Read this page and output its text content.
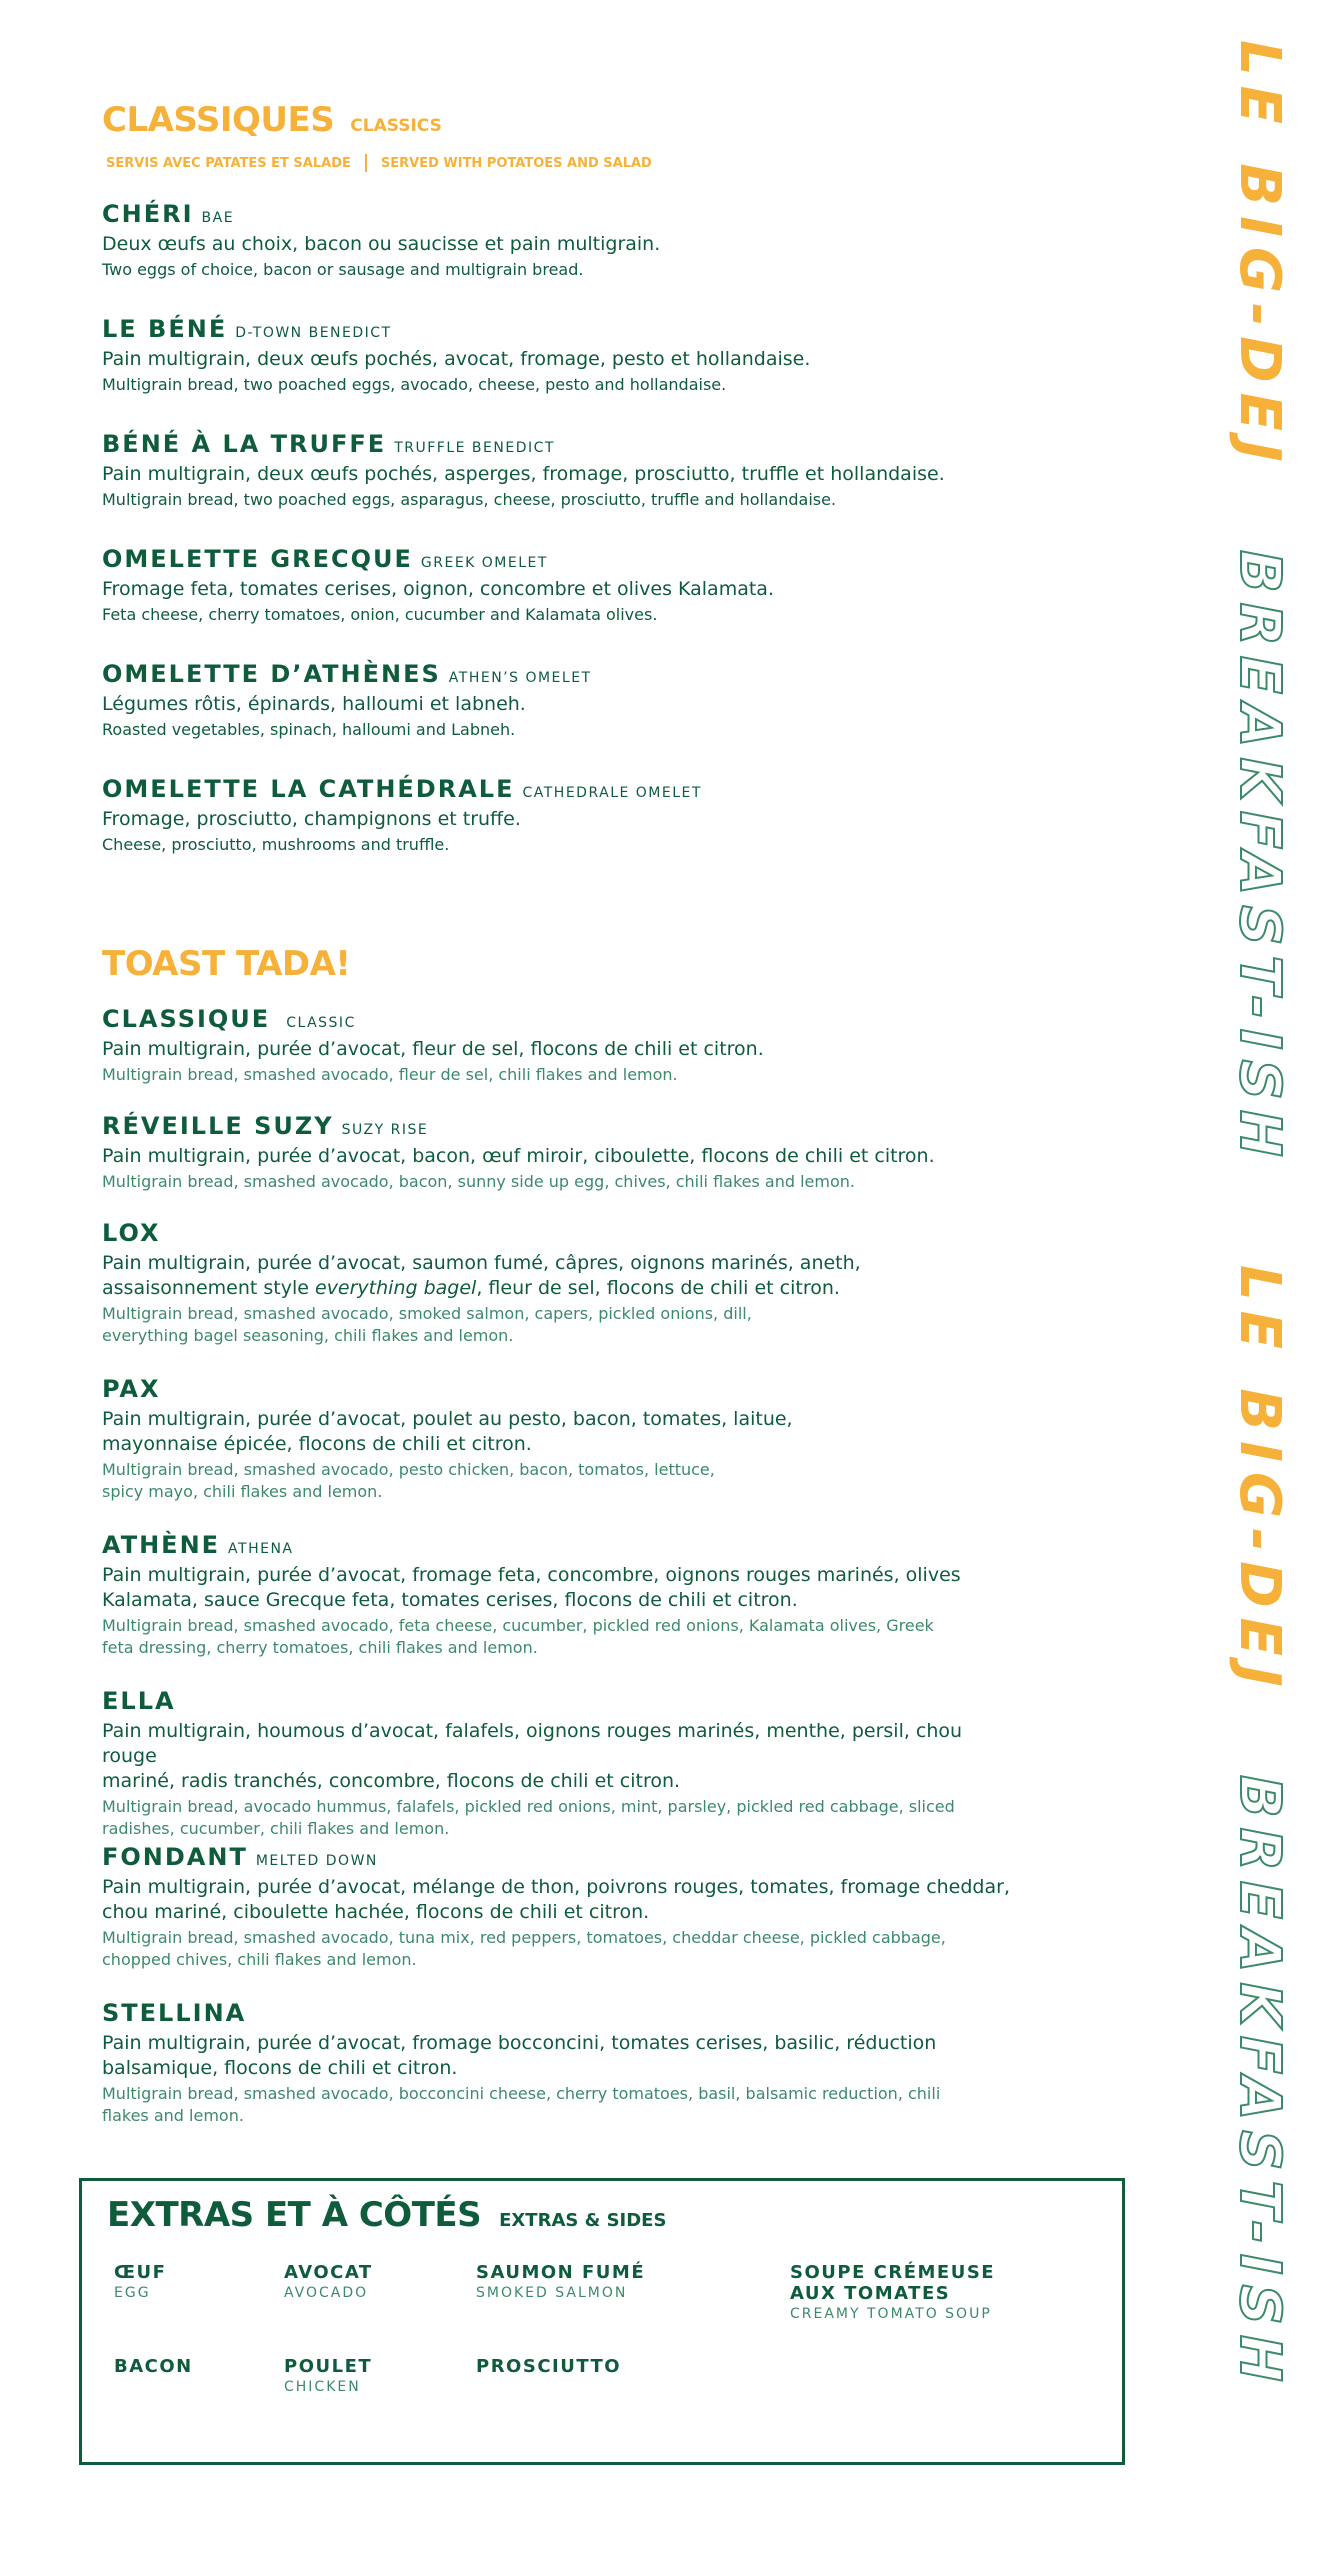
CLASSIQUES CLASSICS
SERVIS AVEC PATATES ET SALADE SERVED WITH POTATOES AND SALAD
CHÉRI BAE
Deux œufs au choix, bacon ou saucisse et pain multigrain.
Two eggs of choice, bacon or sausage and multigrain bread.
LE BÉNÉ D-TOWN BENEDICT
Pain multigrain, deux œufs pochés, avocat, fromage, pesto et hollandaise.
Multigrain bread, two poached eggs, avocado, cheese, pesto and hollandaise.
BÉNÉ À LA TRUFFE TRUFFLE BENEDICT
Pain multigrain, deux œufs pochés, asperges, fromage, prosciutto, truffle et hollandaise.
Multigrain bread, two poached eggs, asparagus, cheese, prosciutto, truffle and hollandaise.
OMELETTE GRECQUE GREEK OMELET
Fromage feta, tomates cerises, oignon, concombre et olives Kalamata.
Feta cheese, cherry tomatoes, onion, cucumber and Kalamata olives.
OMELETTE D’ATHÈNES ATHEN’S OMELET
Légumes rôtis, épinards, halloumi et labneh.
Roasted vegetables, spinach, halloumi and Labneh.
OMELETTE LA CATHÉDRALE CATHEDRALE OMELET
Fromage, prosciutto, champignons et truffe.
Cheese, prosciutto, mushrooms and truffle.
TOAST TADA!
CLASSIQUE CLASSIC
Pain multigrain, purée d’avocat, fleur de sel, flocons de chili et citron.
Multigrain bread, smashed avocado, fleur de sel, chili flakes and lemon.
RÉVEILLE SUZY SUZY RISE
Pain multigrain, purée d’avocat, bacon, œuf miroir, ciboulette, flocons de chili et citron.
Multigrain bread, smashed avocado, bacon, sunny side up egg, chives, chili flakes and lemon.
LOX
Pain multigrain, purée d’avocat, saumon fumé, câpres, oignons marinés, aneth,
assaisonnement style everything bagel, fleur de sel, flocons de chili et citron.
Multigrain bread, smashed avocado, smoked salmon, capers, pickled onions, dill,
everything bagel seasoning, chili flakes and lemon.
PAX
Pain multigrain, purée d’avocat, poulet au pesto, bacon, tomates, laitue,
mayonnaise épicée, flocons de chili et citron.
Multigrain bread, smashed avocado, pesto chicken, bacon, tomatos, lettuce,
spicy mayo, chili flakes and lemon.
ATHÈNE ATHENA
Pain multigrain, purée d’avocat, fromage feta, concombre, oignons rouges marinés, olives
Kalamata, sauce Grecque feta, tomates cerises, flocons de chili et citron.
Multigrain bread, smashed avocado, feta cheese, cucumber, pickled red onions, Kalamata olives, Greek
feta dressing, cherry tomatoes, chili flakes and lemon.
ELLA
Pain multigrain, houmous d’avocat, falafels, oignons rouges marinés, menthe, persil, chou rouge
mariné, radis tranchés, concombre, flocons de chili et citron.
Multigrain bread, avocado hummus, falafels, pickled red onions, mint, parsley, pickled red cabbage, sliced
radishes, cucumber, chili flakes and lemon.
FONDANT MELTED DOWN
Pain multigrain, purée d’avocat, mélange de thon, poivrons rouges, tomates, fromage cheddar,
chou mariné, ciboulette hachée, flocons de chili et citron.
Multigrain bread, smashed avocado, tuna mix, red peppers, tomatoes, cheddar cheese, pickled cabbage,
chopped chives, chili flakes and lemon.
STELLINA
Pain multigrain, purée d’avocat, fromage bocconcini, tomates cerises, basilic, réduction
balsamique, flocons de chili et citron.
Multigrain bread, smashed avocado, bocconcini cheese, cherry tomatoes, basil, balsamic reduction, chili
flakes and lemon.
EXTRAS ET À CÔTÉS EXTRAS & SIDES
ŒUF
EGG
AVOCAT
AVOCADO
SAUMON FUMÉ
SMOKED SALMON
SOUPE CRÉMEUSE
AUX TOMATES
CREAMY TOMATO SOUP
BACON	POULET
CHICKEN
PROSCIUTTO
LE BIG-DEJ
BREAKFAST-ISH
LE BIG-DEJ
BREAKFAST-ISH
